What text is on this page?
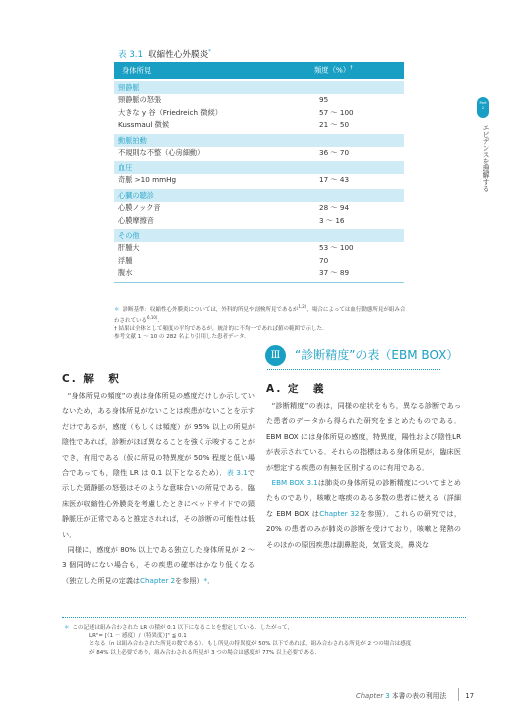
表 3.1 収縮性心外膜炎*
身体所見	頻度（%）†
頸静脈
頸静脈の怒張	95
大きな y 谷（Friedreich 徴候）	57 ～ 100
Kussmaul 徴候	21 ～ 50
動脈拍動
不規則な不整（心房細動）	36 ～ 70
血圧
奇脈 >10 mmHg	17 ～ 43
心臓の聴診
心膜ノック音	28 ～ 94
心膜摩擦音	3 ～ 16
その他
肝腫大	53 ～ 100
浮腫	70
腹水	37 ～ 89
＊ 診断基準：収縮性心外膜炎については，外科的所見や剖検所見であるが$^{1,2)}$，場合によっては血行動態所見が組み合わされている$^{6,10)}$．
† 結果は全体として頻度の平均であるが，統計的に不均一であれば値の範囲で示した．
参考文献 1 ～ 10 の 282 名より引用した患者データ．
Part
2
エビデンスを理解する
C. 解　釈

“身体所見の頻度”の表は身体所見の感度だけしか示していないため，ある身体所見がないことは疾患がないことを示すだけであるが，感度（もしくは頻度）が 95% 以上の所見が陰性であれば，診断がほぼ異なることを強く示唆することができ，有用である（仮に所見の特異度が 50% 程度と低い場合であっても，陰性 LR は 0.1 以下となるため）．表 3.1で示した頸静脈の怒張はそのような意味合いの所見である．臨床医が収縮性心外膜炎を考慮したときにベッドサイドでの頸静脈圧が正常であると推定されれば，その診断の可能性は低い．

同様に，感度が 80% 以上である独立した身体所見が 2 ～ 3 個同時にない場合も，その疾患の確率はかなり低くなる（独立した所見の定義はChapter 2を参照）*．

Ⅲ	“診断精度”の表（EBM BOX）
A. 定　義

“診断精度”の表は，同様の症状をもち，異なる診断であった患者のデータから得られた研究をまとめたものである．EBM BOX には身体所見の感度，特異度，陽性および陰性LRが表示されている．それらの指標はある身体所見が，臨床医が想定する疾患の有無を区別するのに有用である．

EBM BOX 3.1は肺炎の身体所見の診断精度についてまとめたものであり，咳嗽と喀痰のある多数の患者に使える（詳細な EBM BOX はChapter 32を参照）．これらの研究では，20% の患者のみが肺炎の診断を受けており，咳嗽と発熱のそのほかの原因疾患は副鼻腔炎，気管支炎，鼻炎な

＊ この記述は組み合わされた LR の積が 0.1 以下になることを想定している．したがって，
LR"= [（1 － 感度）/（特異度）]" ≦ 0.1
となる（n は組み合わされた所見の数である）．もし所見の特異度が 50% 以下であれば，組み合わされる所見が 2 つの場合は感度
が 84% 以上必要であり，組み合わされる所見が 3 つの場合は感度が 77% 以上必要である．
Chapter 3 本書の表の利用法	17
